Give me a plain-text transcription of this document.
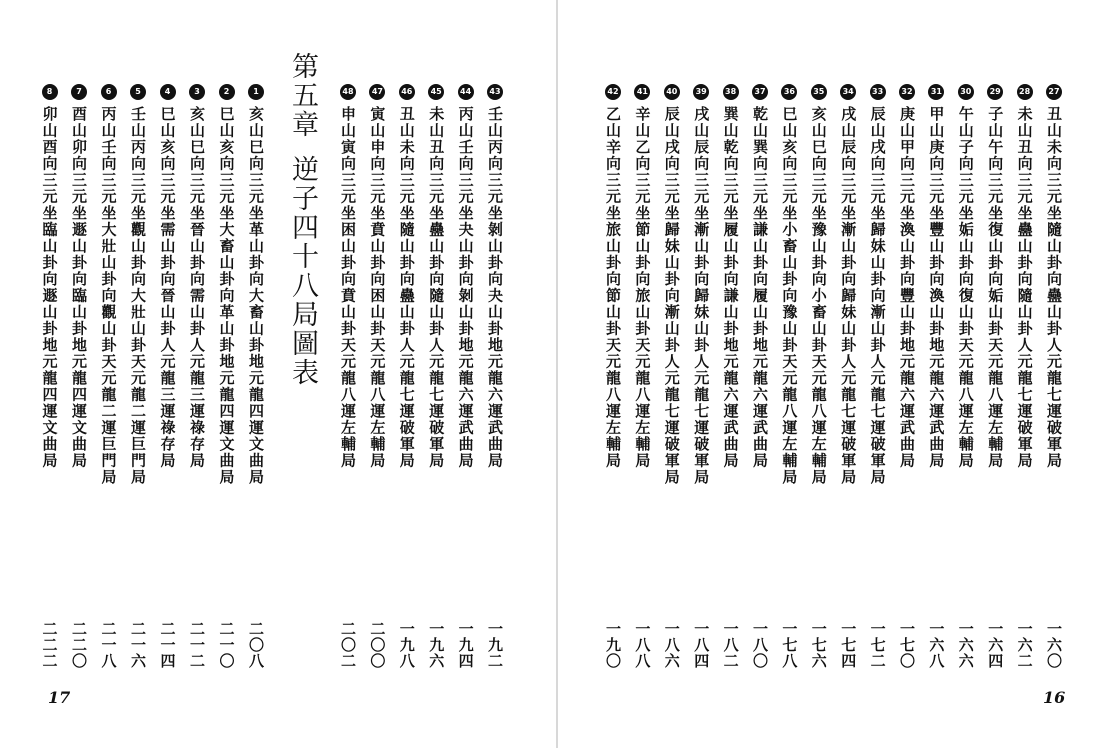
16
27
丑山未向三元坐隨山卦向蠱山卦人元龍七運破軍局
一六〇
28
未山丑向三元坐蠱山卦向隨山卦人元龍七運破軍局
一六二
29
子山午向三元坐復山卦向姤山卦天元龍八運左輔局
一六四
30
午山子向三元坐姤山卦向復山卦天元龍八運左輔局
一六六
31
甲山庚向三元坐豐山卦向渙山卦地元龍六運武曲局
一六八
32
庚山甲向三元坐渙山卦向豐山卦地元龍六運武曲局
一七〇
33
辰山戌向三元坐歸妹山卦向漸山卦人元龍七運破軍局
一七二
34
戌山辰向三元坐漸山卦向歸妹山卦人元龍七運破軍局
一七四
35
亥山巳向三元坐豫山卦向小畜山卦天元龍八運左輔局
一七六
36
巳山亥向三元坐小畜山卦向豫山卦天元龍八運左輔局
一七八
37
乾山巽向三元坐謙山卦向履山卦地元龍六運武曲局
一八〇
38
巽山乾向三元坐履山卦向謙山卦地元龍六運武曲局
一八二
39
戌山辰向三元坐漸山卦向歸妹山卦人元龍七運破軍局
一八四
40
辰山戌向三元坐歸妹山卦向漸山卦人元龍七運破軍局
一八六
41
辛山乙向三元坐節山卦向旅山卦天元龍八運左輔局
一八八
42
乙山辛向三元坐旅山卦向節山卦天元龍八運左輔局
一九〇
第五章逆子四十八局圖表
17
43
壬山丙向三元坐剝山卦向夬山卦地元龍六運武曲局
一九二
44
丙山壬向三元坐夬山卦向剝山卦地元龍六運武曲局
一九四
45
未山丑向三元坐蠱山卦向隨山卦人元龍七運破軍局
一九六
46
丑山未向三元坐隨山卦向蠱山卦人元龍七運破軍局
一九八
47
寅山申向三元坐賁山卦向困山卦天元龍八運左輔局
二〇〇
48
申山寅向三元坐困山卦向賁山卦天元龍八運左輔局
二〇二
1
亥山巳向三元坐革山卦向大畜山卦地元龍四運文曲局
二〇八
2
巳山亥向三元坐大畜山卦向革山卦地元龍四運文曲局
二一〇
3
亥山巳向三元坐晉山卦向需山卦人元龍三運祿存局
二一二
4
巳山亥向三元坐需山卦向晉山卦人元龍三運祿存局
二一四
5
壬山丙向三元坐觀山卦向大壯山卦天元龍二運巨門局
二一六
6
丙山壬向三元坐大壯山卦向觀山卦天元龍二運巨門局
二一八
7
酉山卯向三元坐遯山卦向臨山卦地元龍四運文曲局
二二〇
8
卯山酉向三元坐臨山卦向遯山卦地元龍四運文曲局
二二二
